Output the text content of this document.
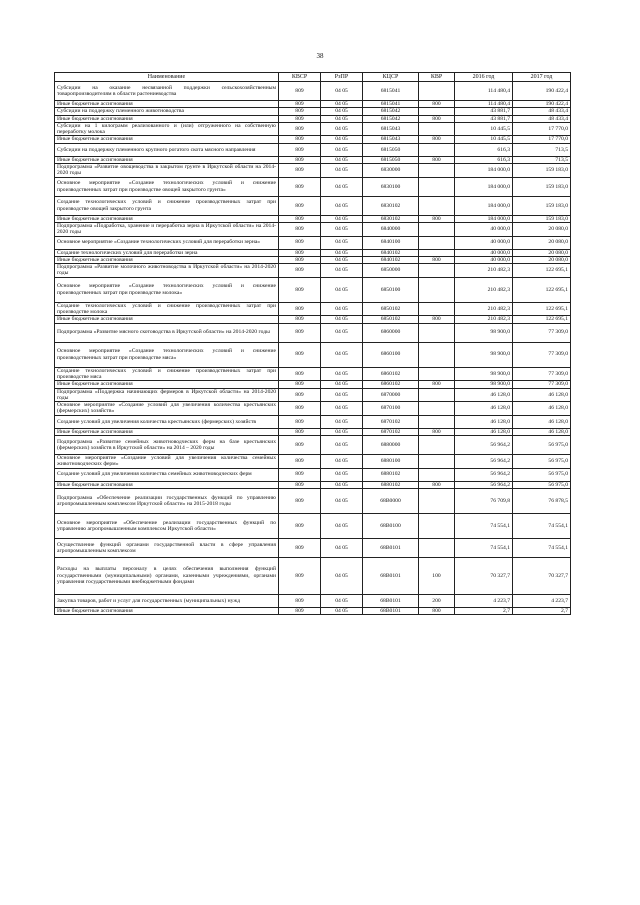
38
Наименование	КВСР	РзПР	КЦСР	КВР	2016 год	2017 год
Субсидии на оказание несвязанной поддержки сельскохозяйственным товаропроизводителям в области растениеводства	809	04 05	6815041		114 480,4	190 422,4
Иные бюджетные ассигнования	809	04 05	6815041	800	114 480,4	190 422,4
Субсидии на поддержку племенного животноводства	809	04 05	6815042		43 881,7	48 433,4
Иные бюджетные ассигнования	809	04 05	6815042	800	43 881,7	48 433,4
Субсидии на 1 килограмм реализованного и (или) отгруженного на собственную переработку молока	809	04 05	6815043		10 445,5	17 770,0
Иные бюджетные ассигнования	809	04 05	6815043	800	10 445,5	17 770,0
Субсидии на поддержку племенного крупного рогатого скота мясного направления	809	04 05	6815050		616,3	713,5
Иные бюджетные ассигнования	809	04 05	6815050	800	616,3	713,5
Подпрограмма «Развитие овощеводства в закрытом грунте в Иркутской области на 2014-2020 годы	809	04 05	6830000		184 000,0	159 183,0
Основное мероприятие «Создание технологических условий и снижение производственных затрат при производстве овощей закрытого грунта»	809	04 05	6830100		184 000,0	159 183,0
Создание технологических условий и снижение производственных затрат при производстве овощей закрытого грунта	809	04 05	6830102		184 000,0	159 183,0
Иные бюджетные ассигнования	809	04 05	6830102	800	184 000,0	159 183,0
Подпрограмма «Подработка, хранение и переработка зерна в Иркутской области» на 2014-2020 годы	809	04 05	6840000		40 000,0	20 080,0
Основное мероприятие «Создание технологических условий для переработки зерна»	809	04 05	6840100		40 000,0	20 080,0
Создание технологических условий для переработки зерна	809	04 05	6840102		40 000,0	20 080,0
Иные бюджетные ассигнования	809	04 05	6840102	800	40 000,0	20 080,0
Подпрограмма «Развитие молочного животноводства в Иркутской области» на 2014-2020 годы	809	04 05	6850000		210 482,3	122 695,1
Основное мероприятие «Создание технологических условий и снижение производственных затрат при производстве молока»	809	04 05	6850100		210 482,3	122 695,1
Создание технологических условий и снижение производственных затрат при производстве молока	809	04 05	6850102		210 482,3	122 695,1
Иные бюджетные ассигнования	809	04 05	6850102	800	210 482,3	122 695,1
Подпрограмма «Развитие мясного скотоводства в Иркутской области» на 2014-2020 годы	809	04 05	6860000		98 900,0	77 309,0
Основное мероприятие «Создание технологических условий и снижение производственных затрат при производстве мяса»	809	04 05	6860100		98 900,0	77 309,0
Создание технологических условий и снижение производственных затрат при производстве мяса	809	04 05	6860102		98 900,0	77 309,0
Иные бюджетные ассигнования	809	04 05	6860102	800	98 900,0	77 309,0
Подпрограмма «Поддержка начинающих фермеров в Иркутской области» на 2014-2020 годы	809	04 05	6870000		46 128,0	46 128,0
Основное мероприятие «Создание условий для увеличения количества крестьянских (фермерских) хозяйств»	809	04 05	6870100		46 128,0	46 128,0
Создание условий для увеличения количества крестьянских (фермерских) хозяйств	809	04 05	6870102		46 128,0	46 128,0
Иные бюджетные ассигнования	809	04 05	6870102	800	46 128,0	46 128,0
Подпрограмма «Развитие семейных животноводческих ферм на базе крестьянских (фермерских) хозяйств в Иркутской области» на 2014 – 2020 годы	809	04 05	6880000		56 964,2	56 975,0
Основное мероприятие «Создание условий для увеличения количества семейных животноводческих ферм»	809	04 05	6880100		56 964,2	56 975,0
Создание условий для увеличения количества семейных животноводческих ферм	809	04 05	6880102		56 964,2	56 975,0
Иные бюджетные ассигнования	809	04 05	6880102	800	56 964,2	56 975,0
Подпрограмма «Обеспечение реализации государственных функций по управлению агропромышленным комплексом Иркутской области» на 2015-2018 годы	809	04 05	68В0000		76 709,8	76 878,5
Основное мероприятие «Обеспечение реализации государственных функций по управлению агропромышленным комплексом Иркутской области»	809	04 05	68В0100		74 554,1	74 554,1
Осуществление функций органами государственной власти в сфере управления агропромышленным комплексом	809	04 05	68В0101		74 554,1	74 554,1
Расходы на выплаты персоналу в целях обеспечения выполнения функций государственными (муниципальными) органами, казенными учреждениями, органами управления государственными внебюджетными фондами	809	04 05	68В0101	100	70 327,7	70 327,7
Закупка товаров, работ и услуг для государственных (муниципальных) нужд	809	04 05	68В0101	200	4 223,7	4 223,7
Иные бюджетные ассигнования	809	04 05	68В0101	800	2,7	2,7
